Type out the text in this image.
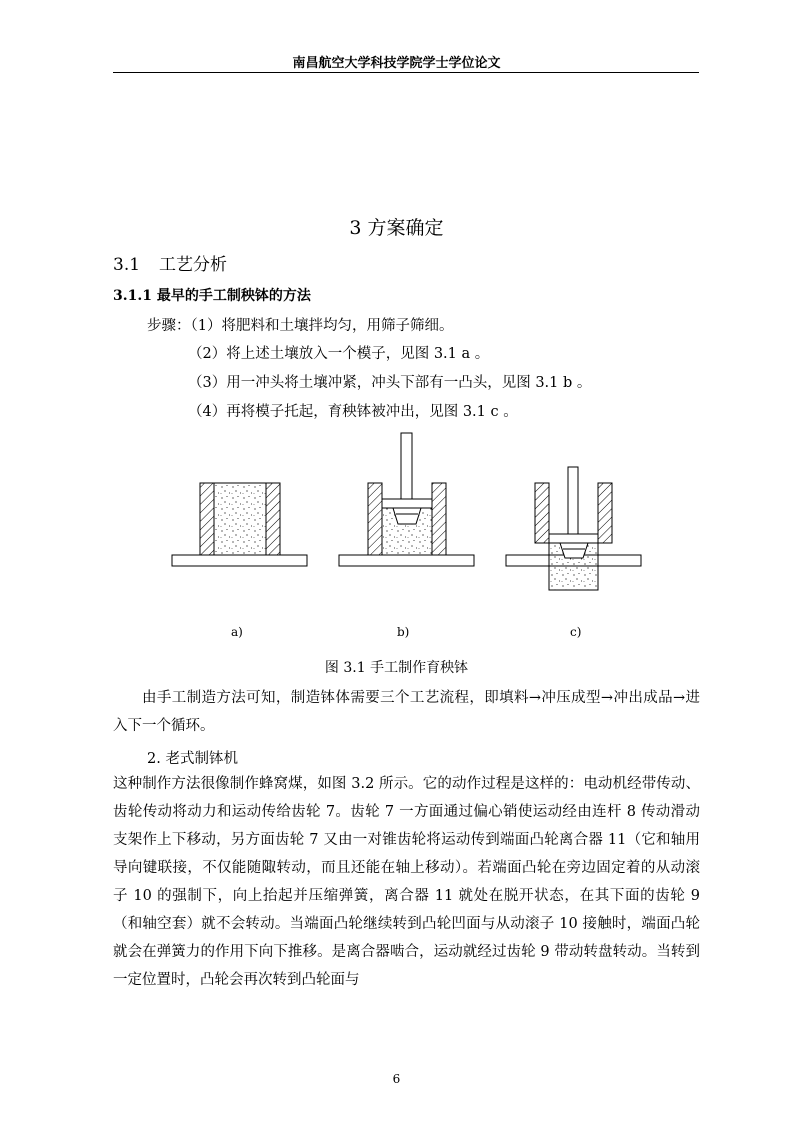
南昌航空大学科技学院学士学位论文
3 方案确定
3.1 工艺分析
3.1.1 最早的手工制秧钵的方法
步骤：（1）将肥料和土壤拌均匀，用筛子筛细。
（2）将上述土壤放入一个模子，见图 3.1 a 。
（3）用一冲头将土壤冲紧，冲头下部有一凸头，见图 3.1 b 。
（4）再将模子托起，育秧钵被冲出，见图 3.1 c 。
a)	b)	c)
图 3.1 手工制作育秧钵
由手工制造方法可知，制造钵体需要三个工艺流程，即填料→冲压成型→冲出成品→进入下一个循环。
2. 老式制钵机
这种制作方法很像制作蜂窝煤，如图 3.2 所示。它的动作过程是这样的：电动机经带传动、齿轮传动将动力和运动传给齿轮 7。齿轮 7 一方面通过偏心销使运动经由连杆 8 传动滑动支架作上下移动，另方面齿轮 7 又由一对锥齿轮将运动传到端面凸轮离合器 11（它和轴用导向键联接，不仅能随陬转动，而且还能在轴上移动）。若端面凸轮在旁边固定着的从动滚子 10 的强制下，向上抬起并压缩弹簧，离合器 11 就处在脱开状态，在其下面的齿轮 9（和轴空套）就不会转动。当端面凸轮继续转到凸轮凹面与从动滚子 10 接触时，端面凸轮就会在弹簧力的作用下向下推移。是离合器啮合，运动就经过齿轮 9 带动转盘转动。当转到一定位置时，凸轮会再次转到凸轮面与
6
